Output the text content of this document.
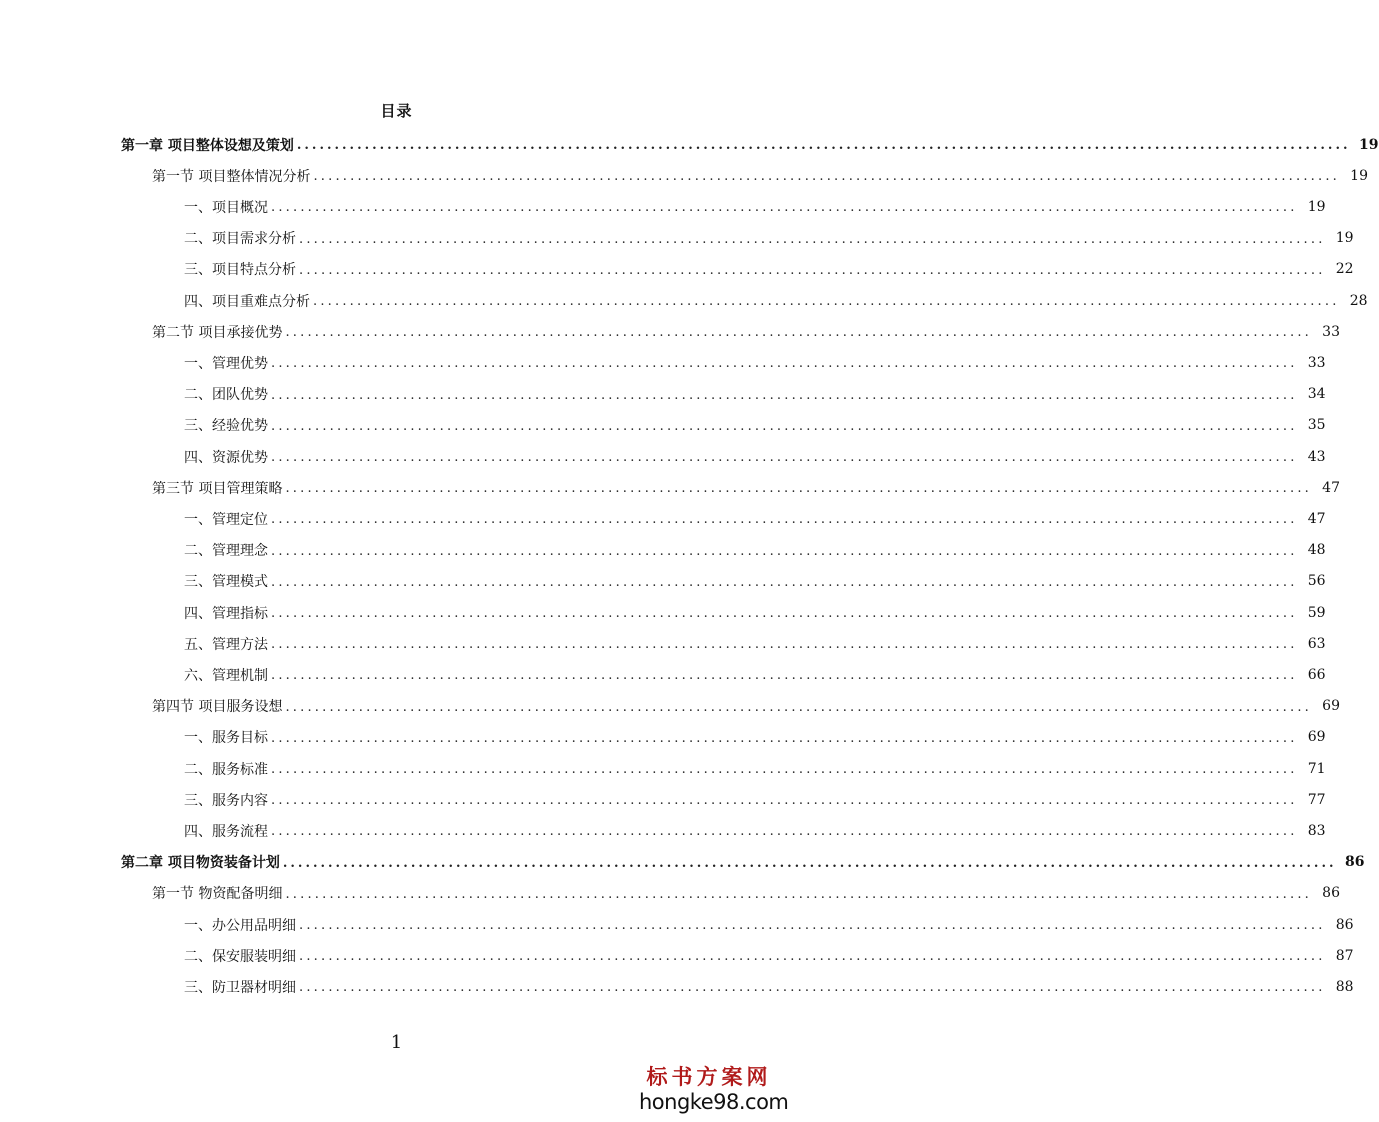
目录
第一章 项目整体设想及策划 ............................................................................................................................................ 19
第一节 项目整体情况分析 ............................................................................................................................................ 19
一、项目概况 ............................................................................................................................................ 19
二、项目需求分析 ............................................................................................................................................ 19
三、项目特点分析 ............................................................................................................................................ 22
四、项目重难点分析 ............................................................................................................................................ 28
第二节 项目承接优势 ............................................................................................................................................ 33
一、管理优势 ............................................................................................................................................ 33
二、团队优势 ............................................................................................................................................ 34
三、经验优势 ............................................................................................................................................ 35
四、资源优势 ............................................................................................................................................ 43
第三节 项目管理策略 ............................................................................................................................................ 47
一、管理定位 ............................................................................................................................................ 47
二、管理理念 ............................................................................................................................................ 48
三、管理模式 ............................................................................................................................................ 56
四、管理指标 ............................................................................................................................................ 59
五、管理方法 ............................................................................................................................................ 63
六、管理机制 ............................................................................................................................................ 66
第四节 项目服务设想 ............................................................................................................................................ 69
一、服务目标 ............................................................................................................................................ 69
二、服务标准 ............................................................................................................................................ 71
三、服务内容 ............................................................................................................................................ 77
四、服务流程 ............................................................................................................................................ 83
第二章 项目物资装备计划 ............................................................................................................................................ 86
第一节 物资配备明细 ............................................................................................................................................ 86
一、办公用品明细 ............................................................................................................................................ 86
二、保安服装明细 ............................................................................................................................................ 87
三、防卫器材明细 ............................................................................................................................................ 88
1
标书方案网
hongke98.com
